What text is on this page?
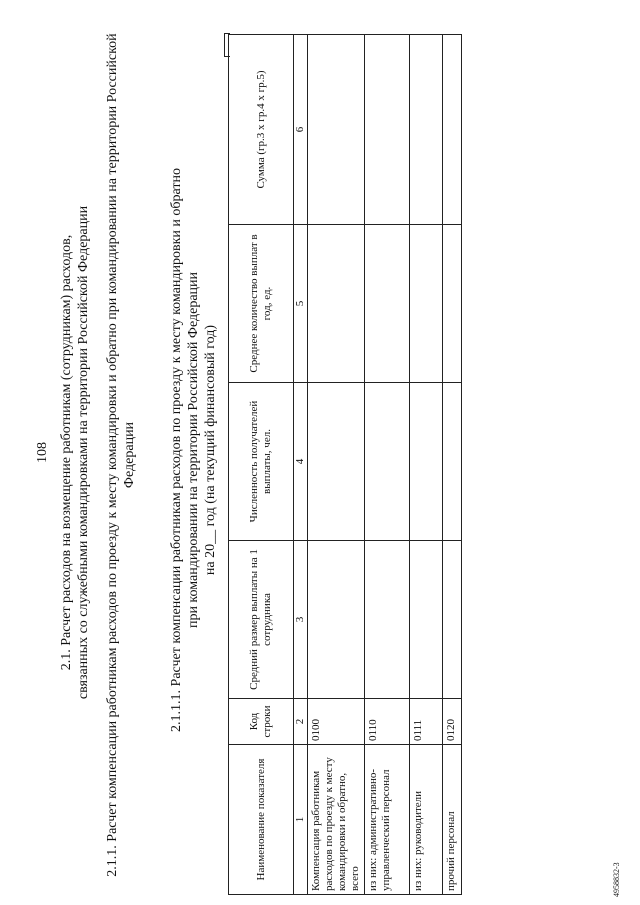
108 2.1. Расчет расходов на возмещение работникам (сотрудникам) расходов, связанных со служебными командировками на территории Российской Федерации 2.1.1. Расчет компенсации работникам расходов по проезду к месту командировки и обратно при командировании на территории Российской Федерации 2.1.1.1. Расчет компенсации работникам расходов по проезду к месту командировки и обратно при командировании на территории Российской Федерации на 20__ год (на текущий финансовый год)
Наименование показателя	Код строки	Средний размер выплаты на 1 сотрудника	Численность получателей выплаты, чел.	Среднее количество выплат в год, ед.	Сумма (гр.3 х гр.4 х гр.5)
1	2	3	4	5	6
Компенсация работникам расходов по проезду к месту командировки и обратно, всего	0100				
из них: административно-управленческий персонал	0110				
из них: руководители	0111				
прочий персонал	0120				
4958832-3
